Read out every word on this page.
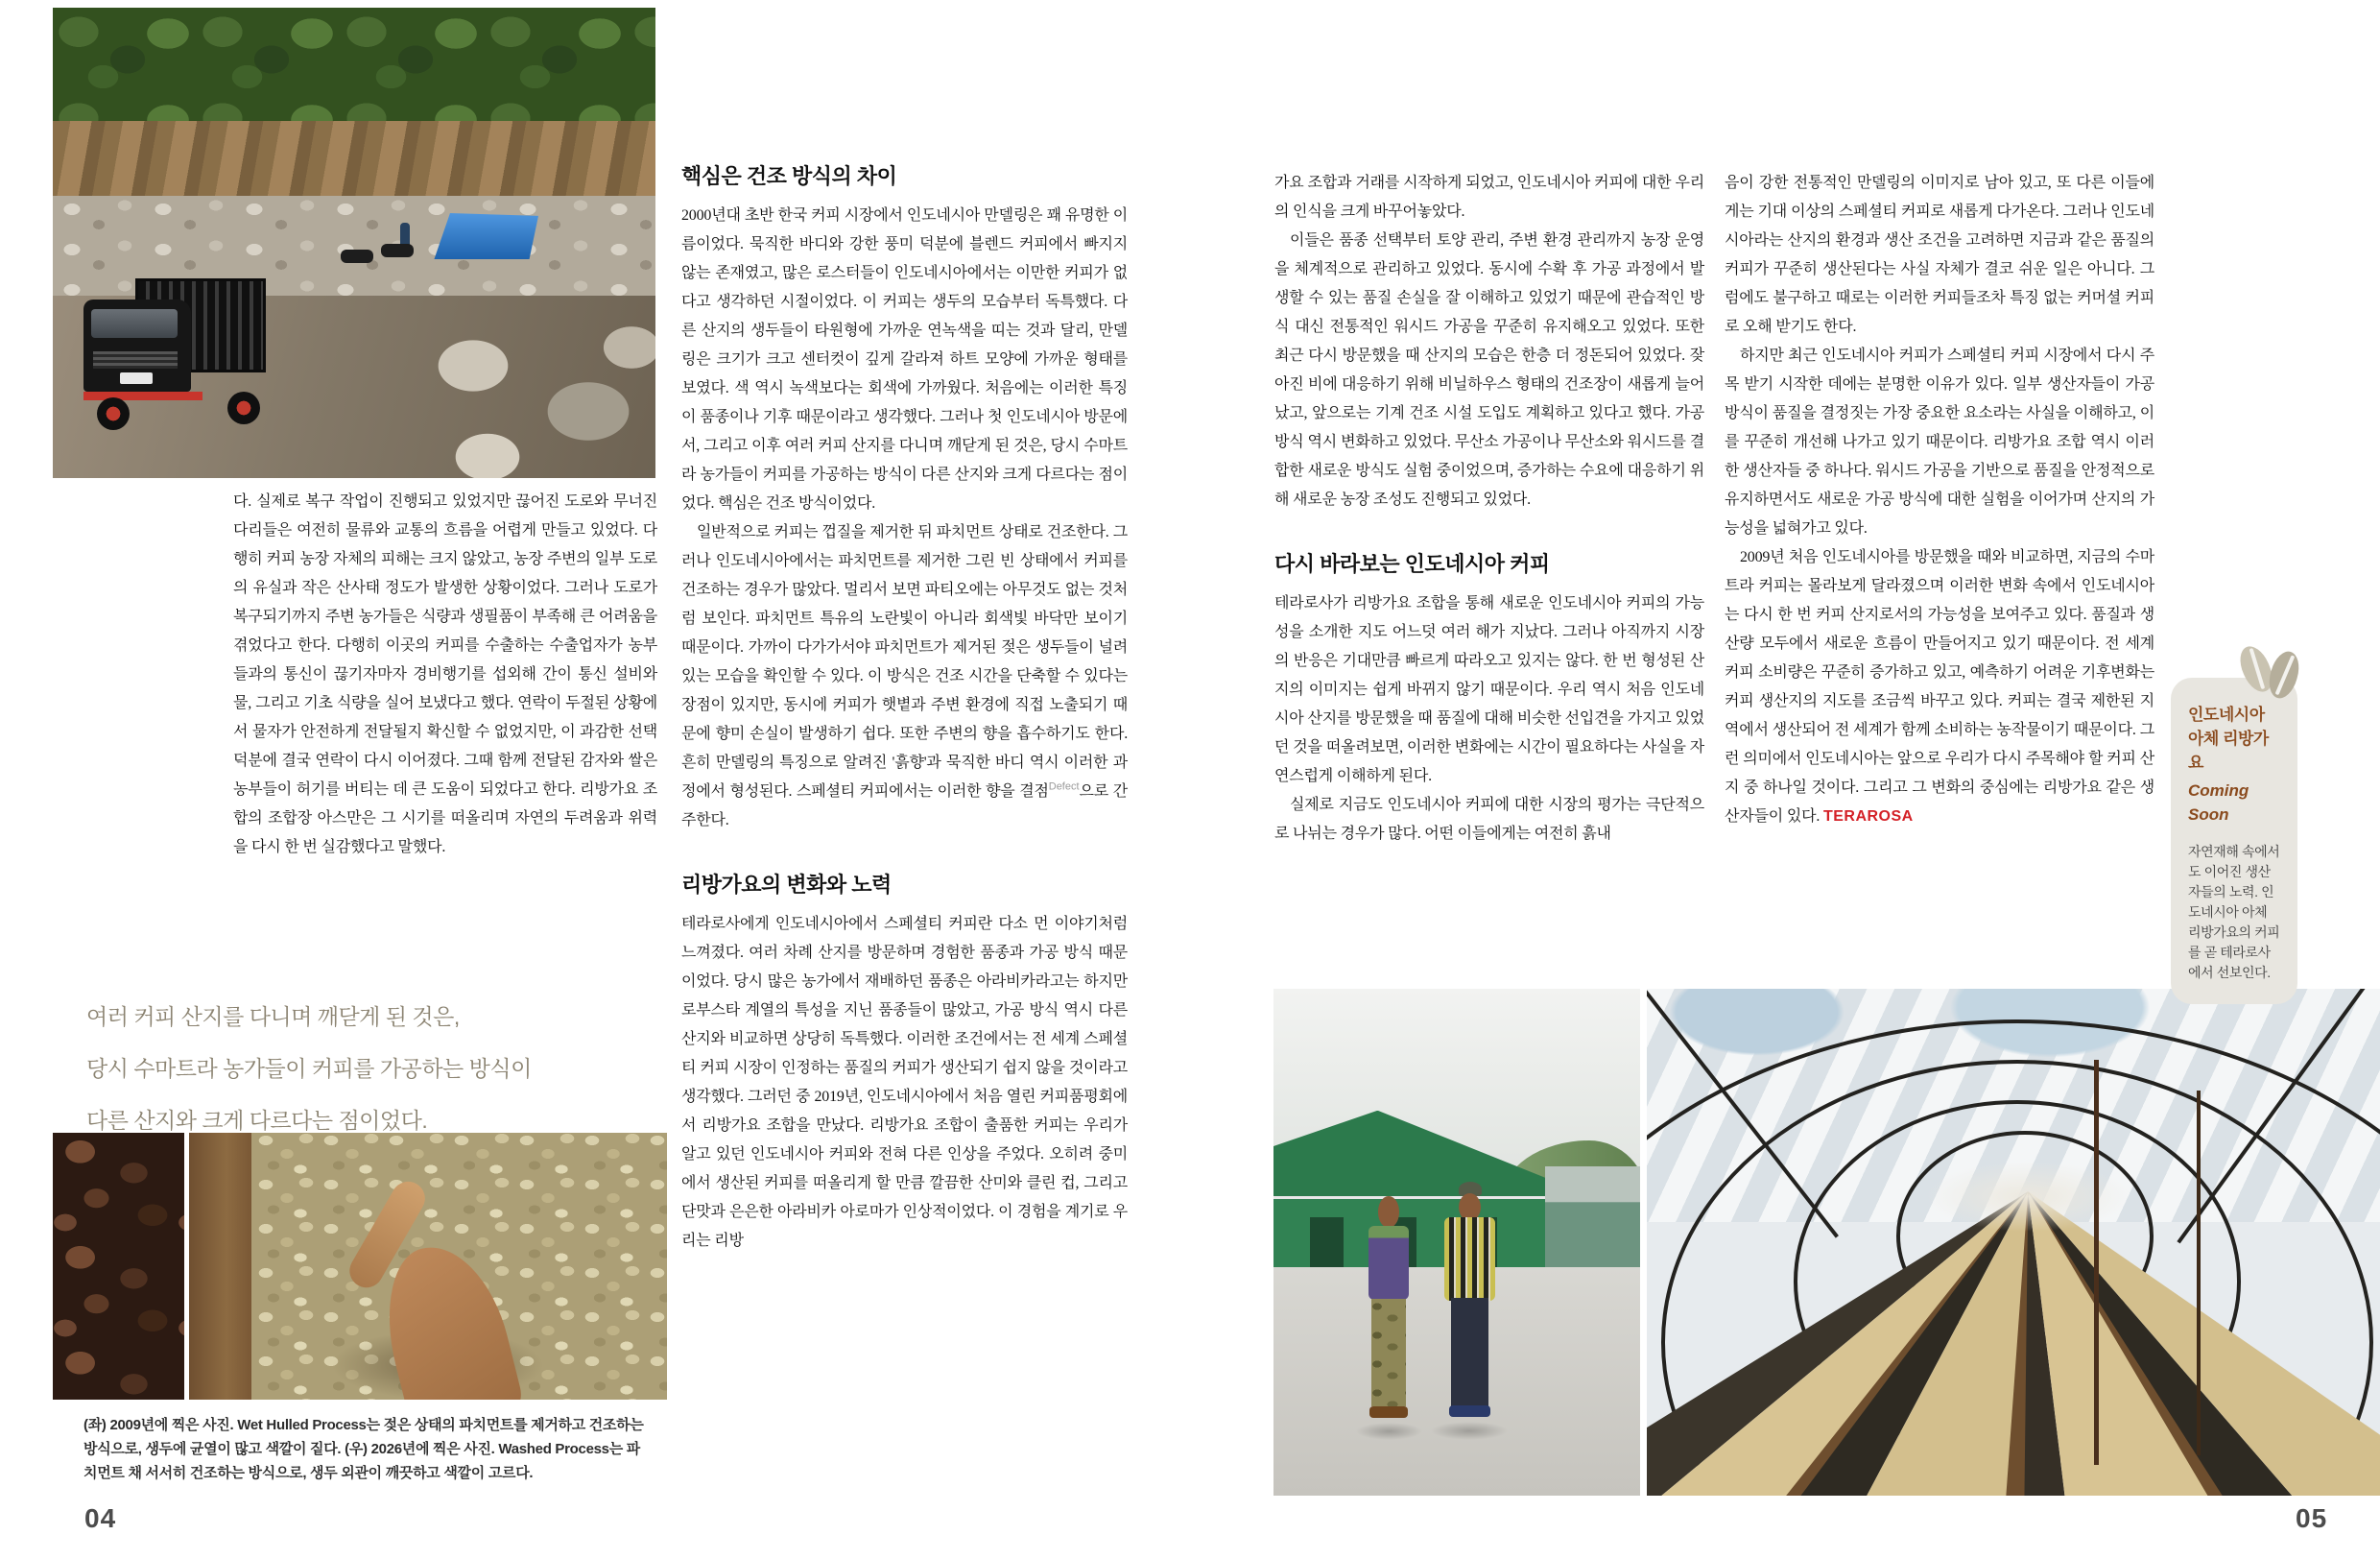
다. 실제로 복구 작업이 진행되고 있었지만 끊어진 도로와 무너진 다리들은 여전히 물류와 교통의 흐름을 어렵게 만들고 있었다. 다행히 커피 농장 자체의 피해는 크지 않았고, 농장 주변의 일부 도로의 유실과 작은 산사태 정도가 발생한 상황이었다. 그러나 도로가 복구되기까지 주변 농가들은 식량과 생필품이 부족해 큰 어려움을 겪었다고 한다. 다행히 이곳의 커피를 수출하는 수출업자가 농부들과의 통신이 끊기자마자 경비행기를 섭외해 간이 통신 설비와 물, 그리고 기초 식량을 실어 보냈다고 했다. 연락이 두절된 상황에서 물자가 안전하게 전달될지 확신할 수 없었지만, 이 과감한 선택 덕분에 결국 연락이 다시 이어졌다. 그때 함께 전달된 감자와 쌀은 농부들이 허기를 버티는 데 큰 도움이 되었다고 한다. 리방가요 조합의 조합장 아스만은 그 시기를 떠올리며 자연의 두려움과 위력을 다시 한 번 실감했다고 말했다.

여러 커피 산지를 다니며 깨닫게 된 것은,
당시 수마트라 농가들이 커피를 가공하는 방식이
다른 산지와 크게 다르다는 점이었다.
핵심은 건조 방식의 차이

2000년대 초반 한국 커피 시장에서 인도네시아 만델링은 꽤 유명한 이름이었다. 묵직한 바디와 강한 풍미 덕분에 블렌드 커피에서 빠지지 않는 존재였고, 많은 로스터들이 인도네시아에서는 이만한 커피가 없다고 생각하던 시절이었다. 이 커피는 생두의 모습부터 독특했다. 다른 산지의 생두들이 타원형에 가까운 연녹색을 띠는 것과 달리, 만델링은 크기가 크고 센터컷이 깊게 갈라져 하트 모양에 가까운 형태를 보였다. 색 역시 녹색보다는 회색에 가까웠다. 처음에는 이러한 특징이 품종이나 기후 때문이라고 생각했다. 그러나 첫 인도네시아 방문에서, 그리고 이후 여러 커피 산지를 다니며 깨닫게 된 것은, 당시 수마트라 농가들이 커피를 가공하는 방식이 다른 산지와 크게 다르다는 점이었다. 핵심은 건조 방식이었다.

일반적으로 커피는 껍질을 제거한 뒤 파치먼트 상태로 건조한다. 그러나 인도네시아에서는 파치먼트를 제거한 그린 빈 상태에서 커피를 건조하는 경우가 많았다. 멀리서 보면 파티오에는 아무것도 없는 것처럼 보인다. 파치먼트 특유의 노란빛이 아니라 회색빛 바닥만 보이기 때문이다. 가까이 다가가서야 파치먼트가 제거된 젖은 생두들이 널려 있는 모습을 확인할 수 있다. 이 방식은 건조 시간을 단축할 수 있다는 장점이 있지만, 동시에 커피가 햇볕과 주변 환경에 직접 노출되기 때문에 향미 손실이 발생하기 쉽다. 또한 주변의 향을 흡수하기도 한다. 흔히 만델링의 특징으로 알려진 '흙향'과 묵직한 바디 역시 이러한 과정에서 형성된다. 스페셜티 커피에서는 이러한 향을 결점$^{Defect}$으로 간주한다.

리방가요의 변화와 노력

테라로사에게 인도네시아에서 스페셜티 커피란 다소 먼 이야기처럼 느껴졌다. 여러 차례 산지를 방문하며 경험한 품종과 가공 방식 때문이었다. 당시 많은 농가에서 재배하던 품종은 아라비카라고는 하지만 로부스타 계열의 특성을 지닌 품종들이 많았고, 가공 방식 역시 다른 산지와 비교하면 상당히 독특했다. 이러한 조건에서는 전 세계 스페셜티 커피 시장이 인정하는 품질의 커피가 생산되기 쉽지 않을 것이라고 생각했다. 그러던 중 2019년, 인도네시아에서 처음 열린 커피품평회에서 리방가요 조합을 만났다. 리방가요 조합이 출품한 커피는 우리가 알고 있던 인도네시아 커피와 전혀 다른 인상을 주었다. 오히려 중미에서 생산된 커피를 떠올리게 할 만큼 깔끔한 산미와 클린 컵, 그리고 단맛과 은은한 아라비카 아로마가 인상적이었다. 이 경험을 계기로 우리는 리방

가요 조합과 거래를 시작하게 되었고, 인도네시아 커피에 대한 우리의 인식을 크게 바꾸어놓았다.

이들은 품종 선택부터 토양 관리, 주변 환경 관리까지 농장 운영을 체계적으로 관리하고 있었다. 동시에 수확 후 가공 과정에서 발생할 수 있는 품질 손실을 잘 이해하고 있었기 때문에 관습적인 방식 대신 전통적인 워시드 가공을 꾸준히 유지해오고 있었다. 또한 최근 다시 방문했을 때 산지의 모습은 한층 더 정돈되어 있었다. 잦아진 비에 대응하기 위해 비닐하우스 형태의 건조장이 새롭게 늘어났고, 앞으로는 기계 건조 시설 도입도 계획하고 있다고 했다. 가공 방식 역시 변화하고 있었다. 무산소 가공이나 무산소와 워시드를 결합한 새로운 방식도 실험 중이었으며, 증가하는 수요에 대응하기 위해 새로운 농장 조성도 진행되고 있었다.

다시 바라보는 인도네시아 커피

테라로사가 리방가요 조합을 통해 새로운 인도네시아 커피의 가능성을 소개한 지도 어느덧 여러 해가 지났다. 그러나 아직까지 시장의 반응은 기대만큼 빠르게 따라오고 있지는 않다. 한 번 형성된 산지의 이미지는 쉽게 바뀌지 않기 때문이다. 우리 역시 처음 인도네시아 산지를 방문했을 때 품질에 대해 비슷한 선입견을 가지고 있었던 것을 떠올려보면, 이러한 변화에는 시간이 필요하다는 사실을 자연스럽게 이해하게 된다.

실제로 지금도 인도네시아 커피에 대한 시장의 평가는 극단적으로 나뉘는 경우가 많다. 어떤 이들에게는 여전히 흙내

음이 강한 전통적인 만델링의 이미지로 남아 있고, 또 다른 이들에게는 기대 이상의 스페셜티 커피로 새롭게 다가온다. 그러나 인도네시아라는 산지의 환경과 생산 조건을 고려하면 지금과 같은 품질의 커피가 꾸준히 생산된다는 사실 자체가 결코 쉬운 일은 아니다. 그럼에도 불구하고 때로는 이러한 커피들조차 특징 없는 커머셜 커피로 오해 받기도 한다.

하지만 최근 인도네시아 커피가 스페셜티 커피 시장에서 다시 주목 받기 시작한 데에는 분명한 이유가 있다. 일부 생산자들이 가공 방식이 품질을 결정짓는 가장 중요한 요소라는 사실을 이해하고, 이를 꾸준히 개선해 나가고 있기 때문이다. 리방가요 조합 역시 이러한 생산자들 중 하나다. 워시드 가공을 기반으로 품질을 안정적으로 유지하면서도 새로운 가공 방식에 대한 실험을 이어가며 산지의 가능성을 넓혀가고 있다.

2009년 처음 인도네시아를 방문했을 때와 비교하면, 지금의 수마트라 커피는 몰라보게 달라졌으며 이러한 변화 속에서 인도네시아는 다시 한 번 커피 산지로서의 가능성을 보여주고 있다. 품질과 생산량 모두에서 새로운 흐름이 만들어지고 있기 때문이다. 전 세계 커피 소비량은 꾸준히 증가하고 있고, 예측하기 어려운 기후변화는 커피 생산지의 지도를 조금씩 바꾸고 있다. 커피는 결국 제한된 지역에서 생산되어 전 세계가 함께 소비하는 농작물이기 때문이다. 그런 의미에서 인도네시아는 앞으로 우리가 다시 주목해야 할 커피 산지 중 하나일 것이다. 그리고 그 변화의 중심에는 리방가요 같은 생산자들이 있다. TERAROSA

(좌) 2009년에 찍은 사진. Wet Hulled Process는 젖은 상태의 파치먼트를 제거하고 건조하는 방식으로, 생두에 균열이 많고 색깔이 짙다. (우) 2026년에 찍은 사진. Washed Process는 파치먼트 채 서서히 건조하는 방식으로, 생두 외관이 깨끗하고 색깔이 고르다.
04	05
인도네시아
아체 리방가요
Coming Soon
자연재해 속에서도 이어진 생산자들의 노력. 인도네시아 아체 리방가요의 커피를 곧 테라로사에서 선보인다.
